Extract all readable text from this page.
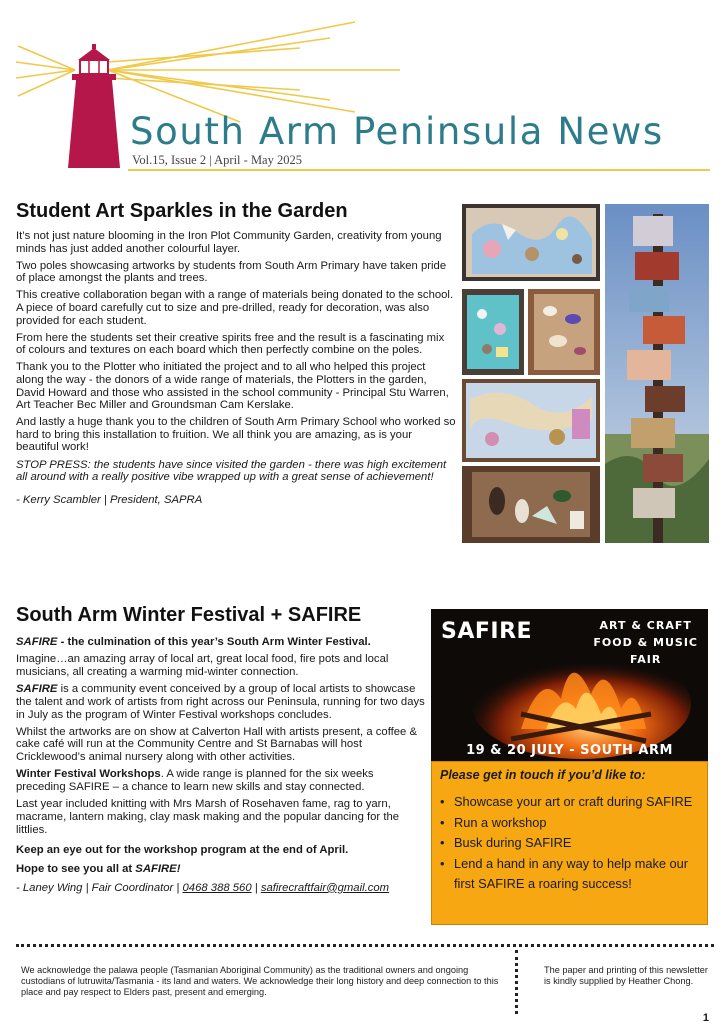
South Arm Peninsula News
Vol.15, Issue 2 | April - May 2025
Student Art Sparkles in the Garden

It’s not just nature blooming in the Iron Plot Community Garden, creativity from young minds has just added another colourful layer.

Two poles showcasing artworks by students from South Arm Primary have taken pride of place amongst the plants and trees.

This creative collaboration began with a range of materials being donated to the school. A piece of board carefully cut to size and pre-drilled, ready for decoration, was also provided for each student.

From here the students set their creative spirits free and the result is a fascinating mix of colours and textures on each board which then perfectly combine on the poles.

Thank you to the Plotter who initiated the project and to all who helped this project along the way - the donors of a wide range of materials, the Plotters in the garden, David Howard and those who assisted in the school community - Principal Stu Warren, Art Teacher Bec Miller and Groundsman Cam Kerslake.

And lastly a huge thank you to the children of South Arm Primary School who worked so hard to bring this installation to fruition. We all think you are amazing, as is your beautiful work!

STOP PRESS: the students have since visited the garden - there was high excitement all around with a really positive vibe wrapped up with a great sense of achievement!

- Kerry Scambler | President, SAPRA

South Arm Winter Festival + SAFIRE

SAFIRE - the culmination of this year’s South Arm Winter Festival.

Imagine…an amazing array of local art, great local food, fire pots and local musicians, all creating a warming mid-winter connection.

SAFIRE is a community event conceived by a group of local artists to showcase the talent and work of artists from right across our Peninsula, running for two days in July as the program of Winter Festival workshops concludes.

Whilst the artworks are on show at Calverton Hall with artists present, a coffee & cake café will run at the Community Centre and St Barnabas will host Cricklewood’s animal nursery along with other activities.

Winter Festival Workshops. A wide range is planned for the six weeks preceding SAFIRE – a chance to learn new skills and stay connected.

Last year included knitting with Mrs Marsh of Rosehaven fame, rag to yarn, macrame, lantern making, clay mask making and the popular dancing for the littlies.

Keep an eye out for the workshop program at the end of April.

Hope to see you all at SAFIRE!

- Laney Wing | Fair Coordinator | 0468 388 560 | safirecraftfair@gmail.com

SAFIRE	ART & CRAFT
FOOD & MUSIC
FAIR
19 & 20 JULY - SOUTH ARM
Please get in touch if you’d like to:
• Showcase your art or craft during SAFIRE
• Run a workshop
• Busk during SAFIRE
• Lend a hand in any way to help make our first SAFIRE a roaring success!
We acknowledge the palawa people (Tasmanian Aboriginal Community) as the traditional owners and ongoing custodians of lutruwita/Tasmania - its land and waters. We acknowledge their long history and deep connection to this place and pay respect to Elders past, present and emerging.
The paper and printing of this newsletter is kindly supplied by Heather Chong.
1
